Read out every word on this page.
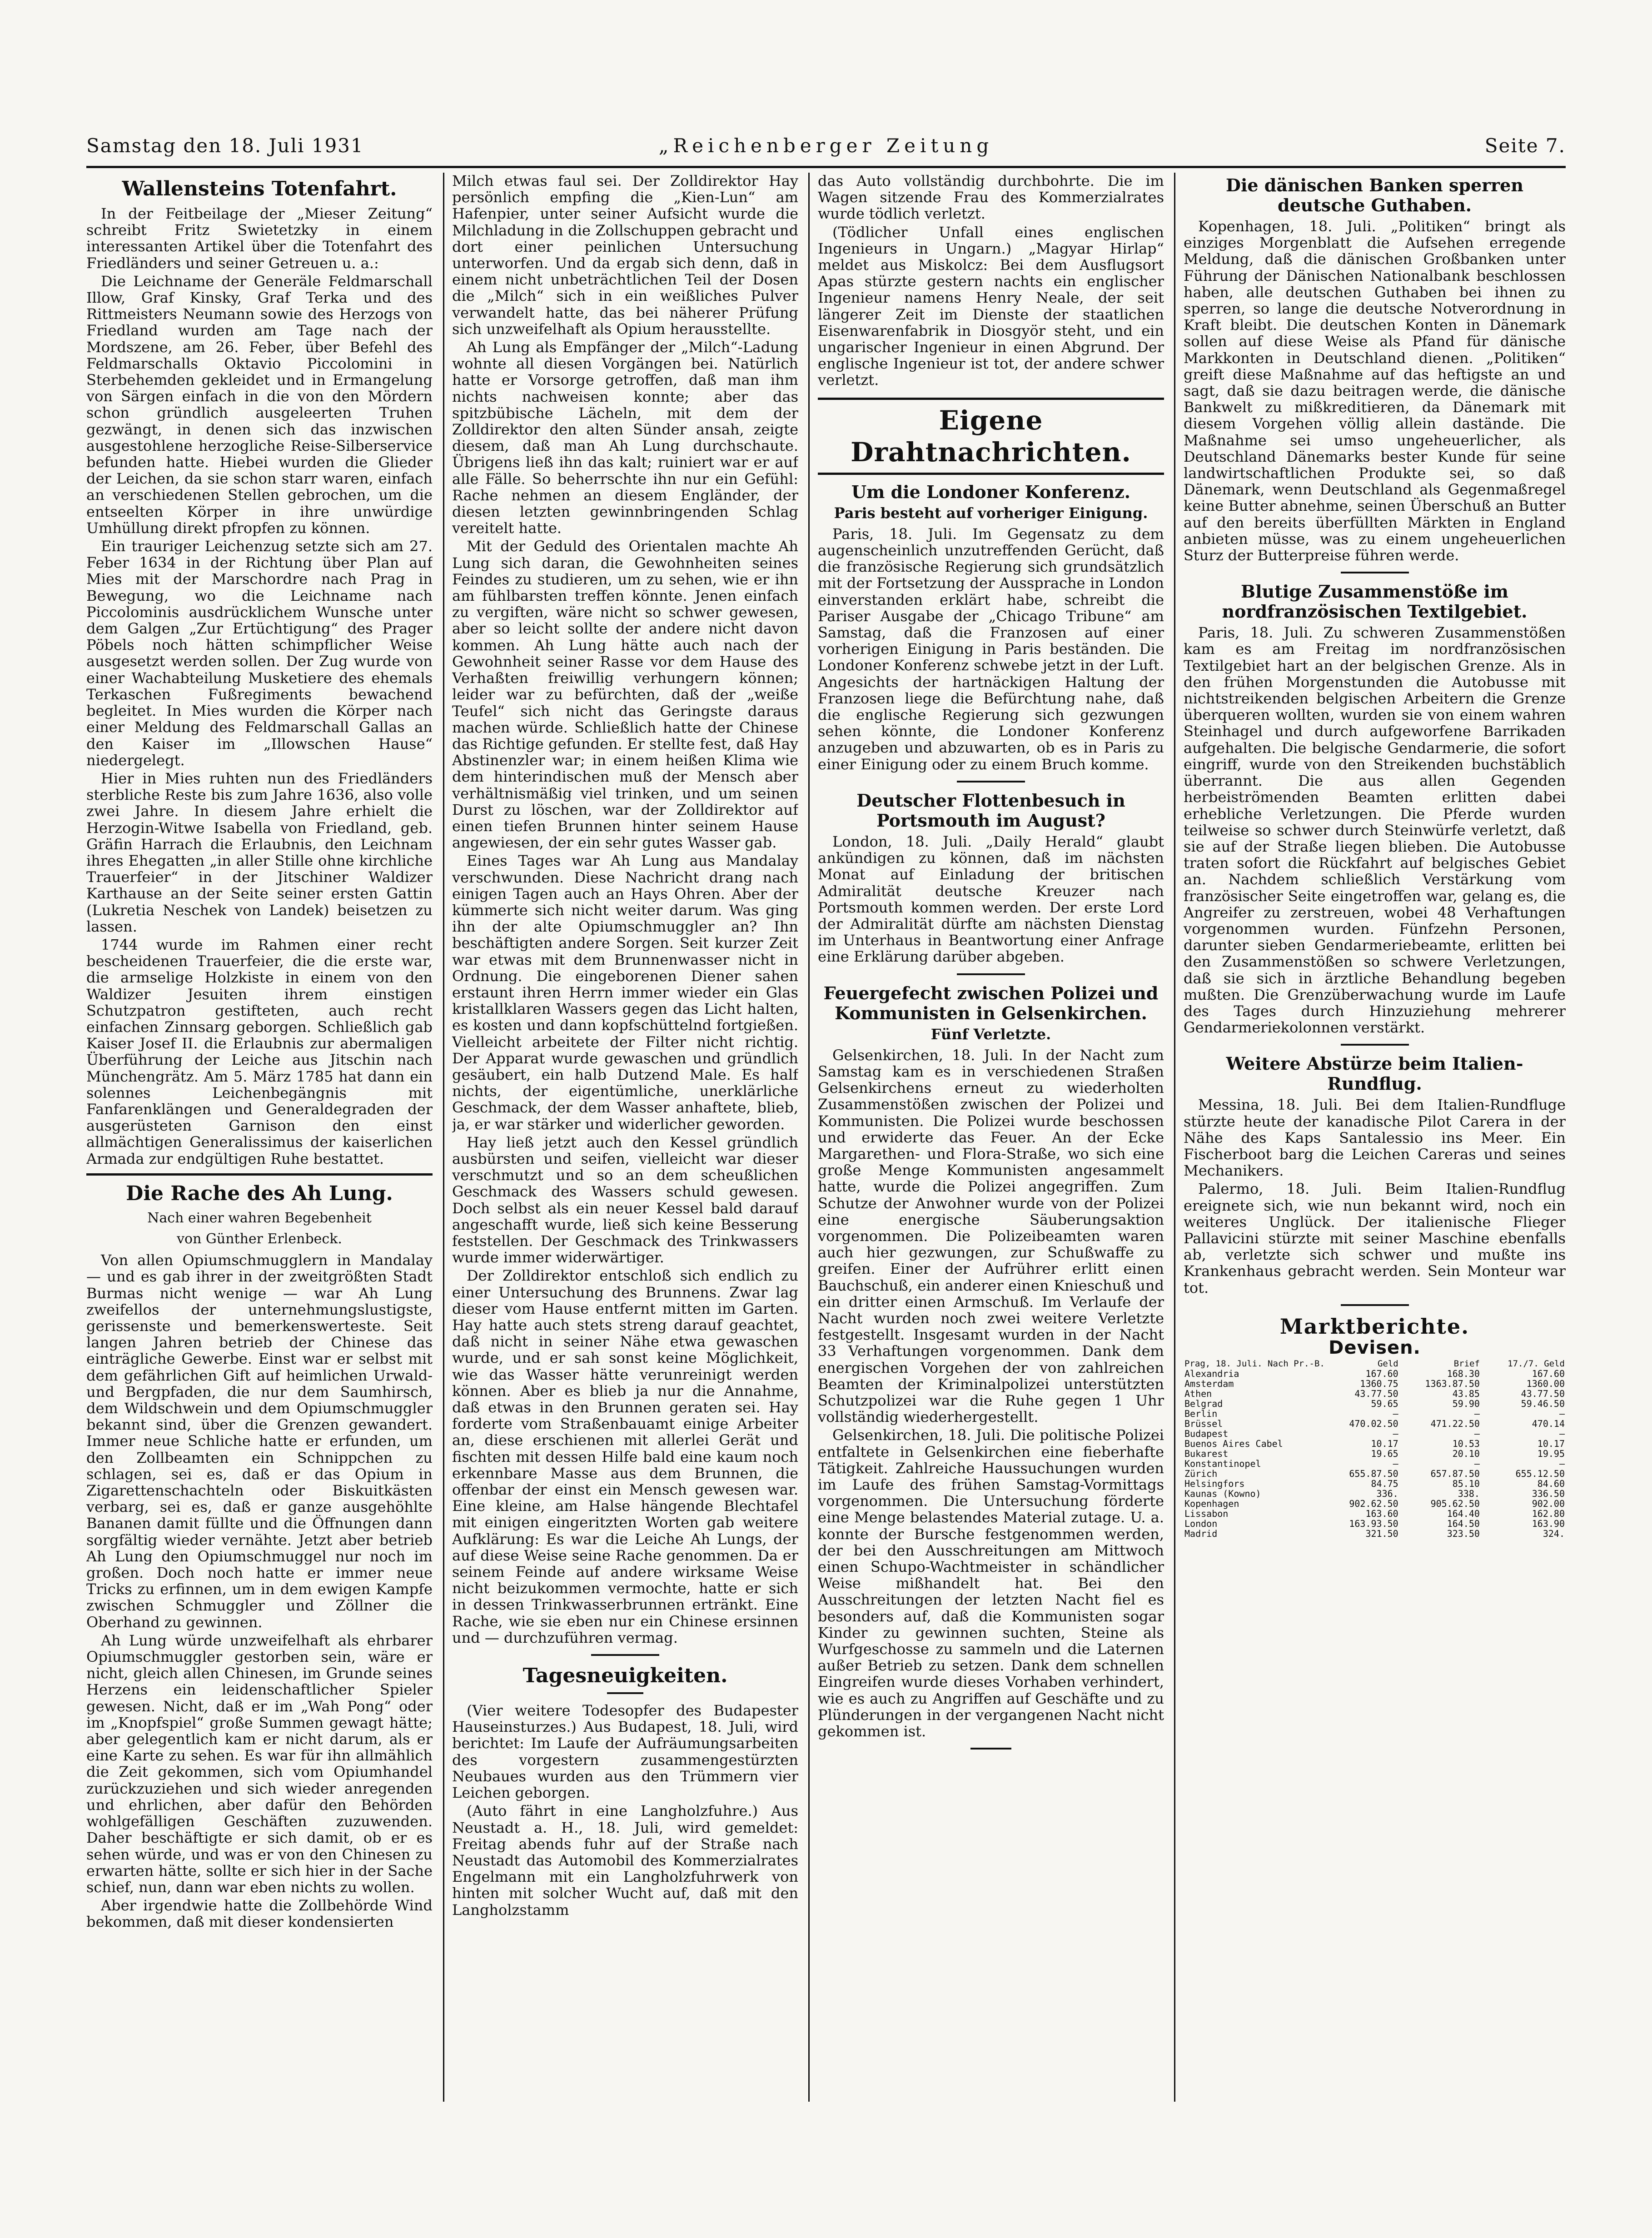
Samstag den 18. Juli 1931	„Reichenberger Zeitung	Seite 7.
Wallensteins Totenfahrt.

In der Feitbeilage der „Mieser Zeitung“ schreibt Fritz Swietetzky in einem interessanten Artikel über die Totenfahrt des Friedländers und seiner Getreuen u. a.:

Die Leichname der Generäle Feldmarschall Illow, Graf Kinsky, Graf Terka und des Rittmeisters Neumann sowie des Herzogs von Friedland wurden am Tage nach der Mordszene, am 26. Feber, über Befehl des Feldmarschalls Oktavio Piccolomini in Sterbehemden gekleidet und in Ermangelung von Särgen einfach in die von den Mördern schon gründlich ausgeleerten Truhen gezwängt, in denen sich das inzwischen ausgestohlene herzogliche Reise-Silberservice befunden hatte. Hiebei wurden die Glieder der Leichen, da sie schon starr waren, einfach an verschiedenen Stellen gebrochen, um die entseelten Körper in ihre unwürdige Umhüllung direkt pfropfen zu können.

Ein trauriger Leichenzug setzte sich am 27. Feber 1634 in der Richtung über Plan auf Mies mit der Marschordre nach Prag in Bewegung, wo die Leichname nach Piccolominis ausdrücklichem Wunsche unter dem Galgen „Zur Ertüchtigung“ des Prager Pöbels noch hätten schimpflicher Weise ausgesetzt werden sollen. Der Zug wurde von einer Wachabteilung Musketiere des ehemals Terkaschen Fußregiments bewachend begleitet. In Mies wurden die Körper nach einer Meldung des Feldmarschall Gallas an den Kaiser im „Illowschen Hause“ niedergelegt.

Hier in Mies ruhten nun des Friedländers sterbliche Reste bis zum Jahre 1636, also volle zwei Jahre. In diesem Jahre erhielt die Herzogin-Witwe Isabella von Friedland, geb. Gräfin Harrach die Erlaubnis, den Leichnam ihres Ehegatten „in aller Stille ohne kirchliche Trauerfeier“ in der Jitschiner Waldizer Karthause an der Seite seiner ersten Gattin (Lukretia Neschek von Landek) beisetzen zu lassen.

1744 wurde im Rahmen einer recht bescheidenen Trauerfeier, die die erste war, die armselige Holzkiste in einem von den Waldizer Jesuiten ihrem einstigen Schutzpatron gestifteten, auch recht einfachen Zinnsarg geborgen. Schließlich gab Kaiser Josef II. die Erlaubnis zur abermaligen Überführung der Leiche aus Jitschin nach Münchengrätz. Am 5. März 1785 hat dann ein solennes Leichenbegängnis mit Fanfarenklängen und Generaldegraden der ausgerüsteten Garnison den einst allmächtigen Generalissimus der kaiserlichen Armada zur endgültigen Ruhe bestattet.

Die Rache des Ah Lung.
Nach einer wahren Begebenheit
von Günther Erlenbeck.

Von allen Opiumschmugglern in Mandalay — und es gab ihrer in der zweitgrößten Stadt Burmas nicht wenige — war Ah Lung zweifellos der unternehmungslustigste, gerissenste und bemerkenswerteste. Seit langen Jahren betrieb der Chinese das einträgliche Gewerbe. Einst war er selbst mit dem gefährlichen Gift auf heimlichen Urwald- und Bergpfaden, die nur dem Saumhirsch, dem Wildschwein und dem Opiumschmuggler bekannt sind, über die Grenzen gewandert. Immer neue Schliche hatte er erfunden, um den Zollbeamten ein Schnippchen zu schlagen, sei es, daß er das Opium in Zigarettenschachteln oder Biskuitkästen verbarg, sei es, daß er ganze ausgehöhlte Bananen damit füllte und die Öffnungen dann sorgfältig wieder vernähte. Jetzt aber betrieb Ah Lung den Opiumschmuggel nur noch im großen. Doch noch hatte er immer neue Tricks zu erfinnen, um in dem ewigen Kampfe zwischen Schmuggler und Zöllner die Oberhand zu gewinnen.

Ah Lung würde unzweifelhaft als ehrbarer Opiumschmuggler gestorben sein, wäre er nicht, gleich allen Chinesen, im Grunde seines Herzens ein leidenschaftlicher Spieler gewesen. Nicht, daß er im „Wah Pong“ oder im „Knopfspiel“ große Summen gewagt hätte; aber gelegentlich kam er nicht darum, als er eine Karte zu sehen. Es war für ihn allmählich die Zeit gekommen, sich vom Opiumhandel zurückzuziehen und sich wieder anregenden und ehrlichen, aber dafür den Behörden wohlgefälligen Geschäften zuzuwenden. Daher beschäftigte er sich damit, ob er es sehen würde, und was er von den Chinesen zu erwarten hätte, sollte er sich hier in der Sache schief, nun, dann war eben nichts zu wollen.

Aber irgendwie hatte die Zollbehörde Wind bekommen, daß mit dieser kondensierten

Milch etwas faul sei. Der Zolldirektor Hay persönlich empfing die „Kien-Lun“ am Hafenpier, unter seiner Aufsicht wurde die Milchladung in die Zollschuppen gebracht und dort einer peinlichen Untersuchung unterworfen. Und da ergab sich denn, daß in einem nicht unbeträchtlichen Teil der Dosen die „Milch“ sich in ein weißliches Pulver verwandelt hatte, das bei näherer Prüfung sich unzweifelhaft als Opium herausstellte.

Ah Lung als Empfänger der „Milch“-Ladung wohnte all diesen Vorgängen bei. Natürlich hatte er Vorsorge getroffen, daß man ihm nichts nachweisen konnte; aber das spitzbübische Lächeln, mit dem der Zolldirektor den alten Sünder ansah, zeigte diesem, daß man Ah Lung durchschaute. Übrigens ließ ihn das kalt; ruiniert war er auf alle Fälle. So beherrschte ihn nur ein Gefühl: Rache nehmen an diesem Engländer, der diesen letzten gewinnbringenden Schlag vereitelt hatte.

Mit der Geduld des Orientalen machte Ah Lung sich daran, die Gewohnheiten seines Feindes zu studieren, um zu sehen, wie er ihn am fühlbarsten treffen könnte. Jenen einfach zu vergiften, wäre nicht so schwer gewesen, aber so leicht sollte der andere nicht davon kommen. Ah Lung hätte auch nach der Gewohnheit seiner Rasse vor dem Hause des Verhaßten freiwillig verhungern können; leider war zu befürchten, daß der „weiße Teufel“ sich nicht das Geringste daraus machen würde. Schließlich hatte der Chinese das Richtige gefunden. Er stellte fest, daß Hay Abstinenzler war; in einem heißen Klima wie dem hinterindischen muß der Mensch aber verhältnismäßig viel trinken, und um seinen Durst zu löschen, war der Zolldirektor auf einen tiefen Brunnen hinter seinem Hause angewiesen, der ein sehr gutes Wasser gab.

Eines Tages war Ah Lung aus Mandalay verschwunden. Diese Nachricht drang nach einigen Tagen auch an Hays Ohren. Aber der kümmerte sich nicht weiter darum. Was ging ihn der alte Opiumschmuggler an? Ihn beschäftigten andere Sorgen. Seit kurzer Zeit war etwas mit dem Brunnenwasser nicht in Ordnung. Die eingeborenen Diener sahen erstaunt ihren Herrn immer wieder ein Glas kristallklaren Wassers gegen das Licht halten, es kosten und dann kopfschüttelnd fortgießen. Vielleicht arbeitete der Filter nicht richtig. Der Apparat wurde gewaschen und gründlich gesäubert, ein halb Dutzend Male. Es half nichts, der eigentümliche, unerklärliche Geschmack, der dem Wasser anhaftete, blieb, ja, er war stärker und widerlicher geworden.

Hay ließ jetzt auch den Kessel gründlich ausbürsten und seifen, vielleicht war dieser verschmutzt und so an dem scheußlichen Geschmack des Wassers schuld gewesen. Doch selbst als ein neuer Kessel bald darauf angeschafft wurde, ließ sich keine Besserung feststellen. Der Geschmack des Trinkwassers wurde immer widerwärtiger.

Der Zolldirektor entschloß sich endlich zu einer Untersuchung des Brunnens. Zwar lag dieser vom Hause entfernt mitten im Garten. Hay hatte auch stets streng darauf geachtet, daß nicht in seiner Nähe etwa gewaschen wurde, und er sah sonst keine Möglichkeit, wie das Wasser hätte verunreinigt werden können. Aber es blieb ja nur die Annahme, daß etwas in den Brunnen geraten sei. Hay forderte vom Straßenbauamt einige Arbeiter an, diese erschienen mit allerlei Gerät und fischten mit dessen Hilfe bald eine kaum noch erkennbare Masse aus dem Brunnen, die offenbar der einst ein Mensch gewesen war. Eine kleine, am Halse hängende Blechtafel mit einigen eingeritzten Worten gab weitere Aufklärung: Es war die Leiche Ah Lungs, der auf diese Weise seine Rache genommen. Da er seinem Feinde auf andere wirksame Weise nicht beizukommen vermochte, hatte er sich in dessen Trinkwasserbrunnen ertränkt. Eine Rache, wie sie eben nur ein Chinese ersinnen und — durchzuführen vermag.

Tagesneuigkeiten.

(Vier weitere Todesopfer des Budapester Hauseinsturzes.) Aus Budapest, 18. Juli, wird berichtet: Im Laufe der Aufräumungsarbeiten des vorgestern zusammengestürzten Neubaues wurden aus den Trümmern vier Leichen geborgen.

(Auto fährt in eine Langholzfuhre.) Aus Neustadt a. H., 18. Juli, wird gemeldet: Freitag abends fuhr auf der Straße nach Neustadt das Automobil des Kommerzialrates Engelmann mit ein Langholzfuhrwerk von hinten mit solcher Wucht auf, daß mit den Langholzstamm

das Auto vollständig durchbohrte. Die im Wagen sitzende Frau des Kommerzialrates wurde tödlich verletzt.

(Tödlicher Unfall eines englischen Ingenieurs in Ungarn.) „Magyar Hirlap“ meldet aus Miskolcz: Bei dem Ausflugsort Apas stürzte gestern nachts ein englischer Ingenieur namens Henry Neale, der seit längerer Zeit im Dienste der staatlichen Eisenwarenfabrik in Diosgyör steht, und ein ungarischer Ingenieur in einen Abgrund. Der englische Ingenieur ist tot, der andere schwer verletzt.

Eigene Drahtnachrichten.
Um die Londoner Konferenz.
Paris besteht auf vorheriger Einigung.

Paris, 18. Juli. Im Gegensatz zu dem augenscheinlich unzutreffenden Gerücht, daß die französische Regierung sich grundsätzlich mit der Fortsetzung der Aussprache in London einverstanden erklärt habe, schreibt die Pariser Ausgabe der „Chicago Tribune“ am Samstag, daß die Franzosen auf einer vorherigen Einigung in Paris beständen. Die Londoner Konferenz schwebe jetzt in der Luft. Angesichts der hartnäckigen Haltung der Franzosen liege die Befürchtung nahe, daß die englische Regierung sich gezwungen sehen könnte, die Londoner Konferenz anzugeben und abzuwarten, ob es in Paris zu einer Einigung oder zu einem Bruch komme.

Deutscher Flottenbesuch in Portsmouth im August?

London, 18. Juli. „Daily Herald“ glaubt ankündigen zu können, daß im nächsten Monat auf Einladung der britischen Admiralität deutsche Kreuzer nach Portsmouth kommen werden. Der erste Lord der Admiralität dürfte am nächsten Dienstag im Unterhaus in Beantwortung einer Anfrage eine Erklärung darüber abgeben.

Feuergefecht zwischen Polizei und Kommunisten in Gelsenkirchen.
Fünf Verletzte.

Gelsenkirchen, 18. Juli. In der Nacht zum Samstag kam es in verschiedenen Straßen Gelsenkirchens erneut zu wiederholten Zusammenstößen zwischen der Polizei und Kommunisten. Die Polizei wurde beschossen und erwiderte das Feuer. An der Ecke Margarethen- und Flora-Straße, wo sich eine große Menge Kommunisten angesammelt hatte, wurde die Polizei angegriffen. Zum Schutze der Anwohner wurde von der Polizei eine energische Säuberungsaktion vorgenommen. Die Polizeibeamten waren auch hier gezwungen, zur Schußwaffe zu greifen. Einer der Aufrührer erlitt einen Bauchschuß, ein anderer einen Knieschuß und ein dritter einen Armschuß. Im Verlaufe der Nacht wurden noch zwei weitere Verletzte festgestellt. Insgesamt wurden in der Nacht 33 Verhaftungen vorgenommen. Dank dem energischen Vorgehen der von zahlreichen Beamten der Kriminalpolizei unterstützten Schutzpolizei war die Ruhe gegen 1 Uhr vollständig wiederhergestellt.

Gelsenkirchen, 18. Juli. Die politische Polizei entfaltete in Gelsenkirchen eine fieberhafte Tätigkeit. Zahlreiche Haussuchungen wurden im Laufe des frühen Samstag-Vormittags vorgenommen. Die Untersuchung förderte eine Menge belastendes Material zutage. U. a. konnte der Bursche festgenommen werden, der bei den Ausschreitungen am Mittwoch einen Schupo-Wachtmeister in schändlicher Weise mißhandelt hat. Bei den Ausschreitungen der letzten Nacht fiel es besonders auf, daß die Kommunisten sogar Kinder zu gewinnen suchten, Steine als Wurfgeschosse zu sammeln und die Laternen außer Betrieb zu setzen. Dank dem schnellen Eingreifen wurde dieses Vorhaben verhindert, wie es auch zu Angriffen auf Geschäfte und zu Plünderungen in der vergangenen Nacht nicht gekommen ist.

Die dänischen Banken sperren deutsche Guthaben.

Kopenhagen, 18. Juli. „Politiken“ bringt als einziges Morgenblatt die Aufsehen erregende Meldung, daß die dänischen Großbanken unter Führung der Dänischen Nationalbank beschlossen haben, alle deutschen Guthaben bei ihnen zu sperren, so lange die deutsche Notverordnung in Kraft bleibt. Die deutschen Konten in Dänemark sollen auf diese Weise als Pfand für dänische Markkonten in Deutschland dienen. „Politiken“ greift diese Maßnahme auf das heftigste an und sagt, daß sie dazu beitragen werde, die dänische Bankwelt zu mißkreditieren, da Dänemark mit diesem Vorgehen völlig allein dastände. Die Maßnahme sei umso ungeheuerlicher, als Deutschland Dänemarks bester Kunde für seine landwirtschaftlichen Produkte sei, so daß Dänemark, wenn Deutschland als Gegenmaßregel keine Butter abnehme, seinen Überschuß an Butter auf den bereits überfüllten Märkten in England anbieten müsse, was zu einem ungeheuerlichen Sturz der Butterpreise führen werde.

Blutige Zusammenstöße im nordfranzösischen Textilgebiet.

Paris, 18. Juli. Zu schweren Zusammenstößen kam es am Freitag im nordfranzösischen Textilgebiet hart an der belgischen Grenze. Als in den frühen Morgenstunden die Autobusse mit nichtstreikenden belgischen Arbeitern die Grenze überqueren wollten, wurden sie von einem wahren Steinhagel und durch aufgeworfene Barrikaden aufgehalten. Die belgische Gendarmerie, die sofort eingriff, wurde von den Streikenden buchstäblich überrannt. Die aus allen Gegenden herbeiströmenden Beamten erlitten dabei erhebliche Verletzungen. Die Pferde wurden teilweise so schwer durch Steinwürfe verletzt, daß sie auf der Straße liegen blieben. Die Autobusse traten sofort die Rückfahrt auf belgisches Gebiet an. Nachdem schließlich Verstärkung vom französischer Seite eingetroffen war, gelang es, die Angreifer zu zerstreuen, wobei 48 Verhaftungen vorgenommen wurden. Fünfzehn Personen, darunter sieben Gendarmeriebeamte, erlitten bei den Zusammenstößen so schwere Verletzungen, daß sie sich in ärztliche Behandlung begeben mußten. Die Grenzüberwachung wurde im Laufe des Tages durch Hinzuziehung mehrerer Gendarmeriekolonnen verstärkt.

Weitere Abstürze beim Italien-Rundflug.

Messina, 18. Juli. Bei dem Italien-Rundfluge stürzte heute der kanadische Pilot Carera in der Nähe des Kaps Santalessio ins Meer. Ein Fischerboot barg die Leichen Careras und seines Mechanikers.

Palermo, 18. Juli. Beim Italien-Rundflug ereignete sich, wie nun bekannt wird, noch ein weiteres Unglück. Der italienische Flieger Pallavicini stürzte mit seiner Maschine ebenfalls ab, verletzte sich schwer und mußte ins Krankenhaus gebracht werden. Sein Monteur war tot.

Marktberichte.
Devisen.
Prag, 18. Juli. Nach Pr.-B.	Geld	Brief	17./7. Geld
Alexandria	167.60	168.30	167.60
Amsterdam	1360.75	1363.87.50	1360.00
Athen	43.77.50	43.85	43.77.50
Belgrad	59.65	59.90	59.46.50
Berlin	—	—	—
Brüssel	470.02.50	471.22.50	470.14
Budapest	—	—	—
Buenos Aires Cabel	10.17	10.53	10.17
Bukarest	19.65	20.10	19.95
Konstantinopel	—	—	—
Zürich	655.87.50	657.87.50	655.12.50
Helsingfors	84.75	85.10	84.60
Kaunas (Kowno)	336.	338.	336.50
Kopenhagen	902.62.50	905.62.50	902.00
Lissabon	163.60	164.40	162.80
London	163.93.50	164.50	163.90
Madrid	321.50	323.50	324.
